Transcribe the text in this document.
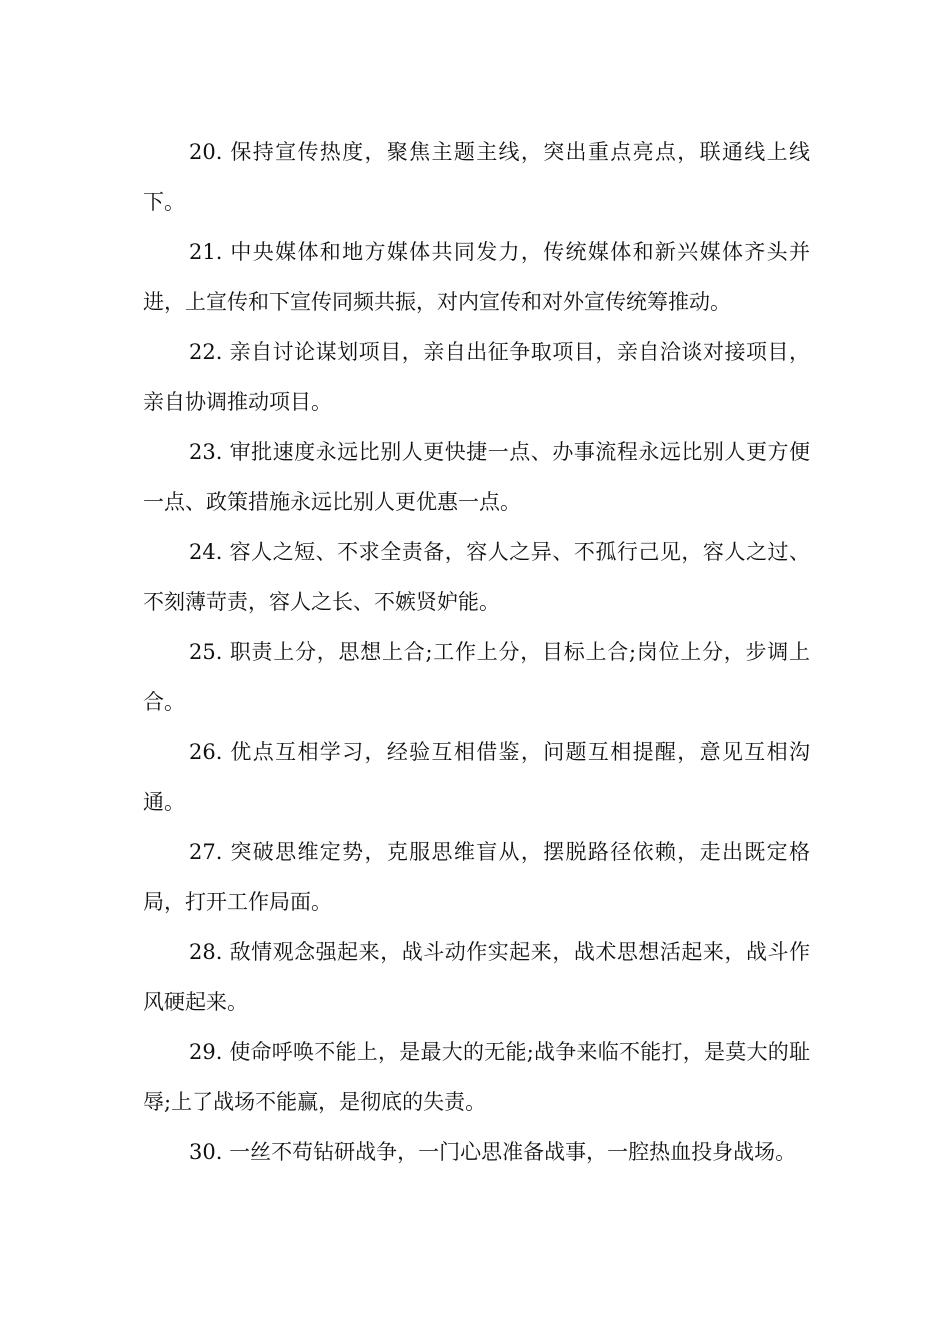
20. 保持宣传热度，聚焦主题主线，突出重点亮点，联通线上线下。

21. 中央媒体和地方媒体共同发力，传统媒体和新兴媒体齐头并进，上宣传和下宣传同频共振，对内宣传和对外宣传统筹推动。

22. 亲自讨论谋划项目，亲自出征争取项目，亲自洽谈对接项目，亲自协调推动项目。

23. 审批速度永远比别人更快捷一点、办事流程永远比别人更方便一点、政策措施永远比别人更优惠一点。

24. 容人之短、不求全责备，容人之异、不孤行己见，容人之过、不刻薄苛责，容人之长、不嫉贤妒能。

25. 职责上分，思想上合;工作上分，目标上合;岗位上分，步调上合。

26. 优点互相学习，经验互相借鉴，问题互相提醒，意见互相沟通。

27. 突破思维定势，克服思维盲从，摆脱路径依赖，走出既定格局，打开工作局面。

28. 敌情观念强起来，战斗动作实起来，战术思想活起来，战斗作风硬起来。

29. 使命呼唤不能上，是最大的无能;战争来临不能打，是莫大的耻辱;上了战场不能赢，是彻底的失责。

30. 一丝不苟钻研战争，一门心思准备战事，一腔热血投身战场。
